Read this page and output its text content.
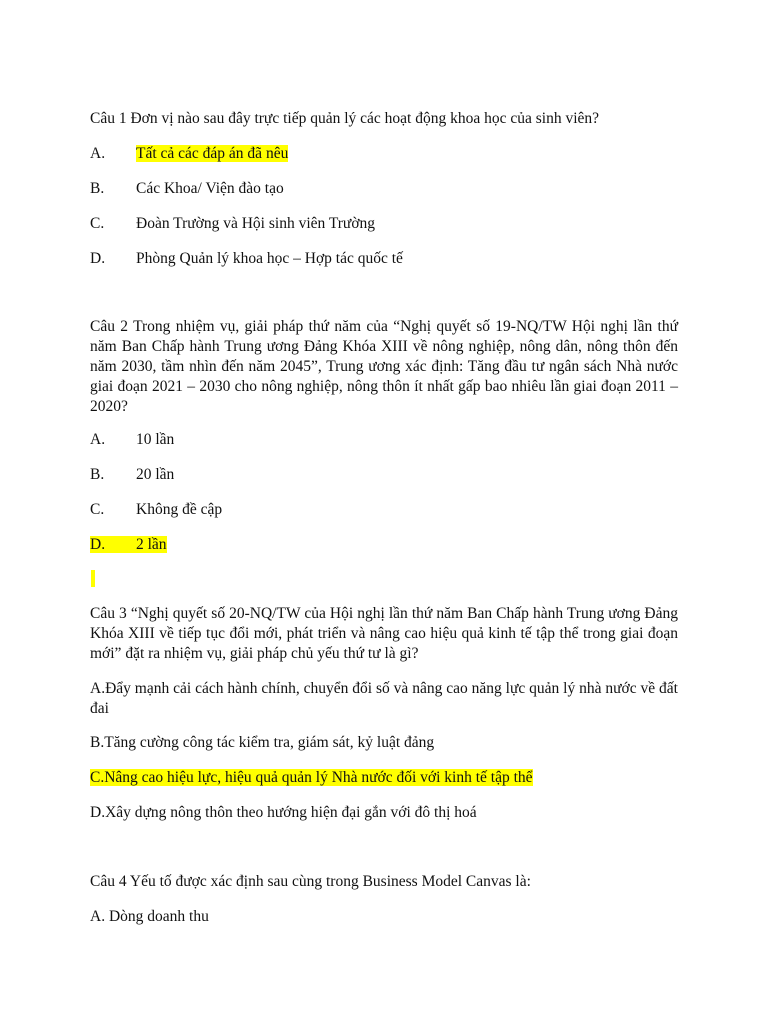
Câu 1 Đơn vị nào sau đây trực tiếp quản lý các hoạt động khoa học của sinh viên?

A. Tất cả các đáp án đã nêu
B. Các Khoa/ Viện đào tạo
C. Đoàn Trường và Hội sinh viên Trường
D. Phòng Quản lý khoa học – Hợp tác quốc tế

Câu 2 Trong nhiệm vụ, giải pháp thứ năm của “Nghị quyết số 19-NQ/TW Hội nghị lần thứ năm Ban Chấp hành Trung ương Đảng Khóa XIII về nông nghiệp, nông dân, nông thôn đến năm 2030, tầm nhìn đến năm 2045”, Trung ương xác định: Tăng đầu tư ngân sách Nhà nước giai đoạn 2021 – 2030 cho nông nghiệp, nông thôn ít nhất gấp bao nhiêu lần giai đoạn 2011 – 2020?

A. 10 lần
B. 20 lần
C. Không đề cập
D. 2 lần

Câu 3 “Nghị quyết số 20-NQ/TW của Hội nghị lần thứ năm Ban Chấp hành Trung ương Đảng Khóa XIII về tiếp tục đổi mới, phát triển và nâng cao hiệu quả kinh tế tập thể trong giai đoạn mới” đặt ra nhiệm vụ, giải pháp chủ yếu thứ tư là gì?

A.Đẩy mạnh cải cách hành chính, chuyển đổi số và nâng cao năng lực quản lý nhà nước về đất đai

B.Tăng cường công tác kiểm tra, giám sát, kỷ luật đảng
C.Nâng cao hiệu lực, hiệu quả quản lý Nhà nước đối với kinh tế tập thể
D.Xây dựng nông thôn theo hướng hiện đại gắn với đô thị hoá
Câu 4 Yếu tố được xác định sau cùng trong Business Model Canvas là:
A. Dòng doanh thu
